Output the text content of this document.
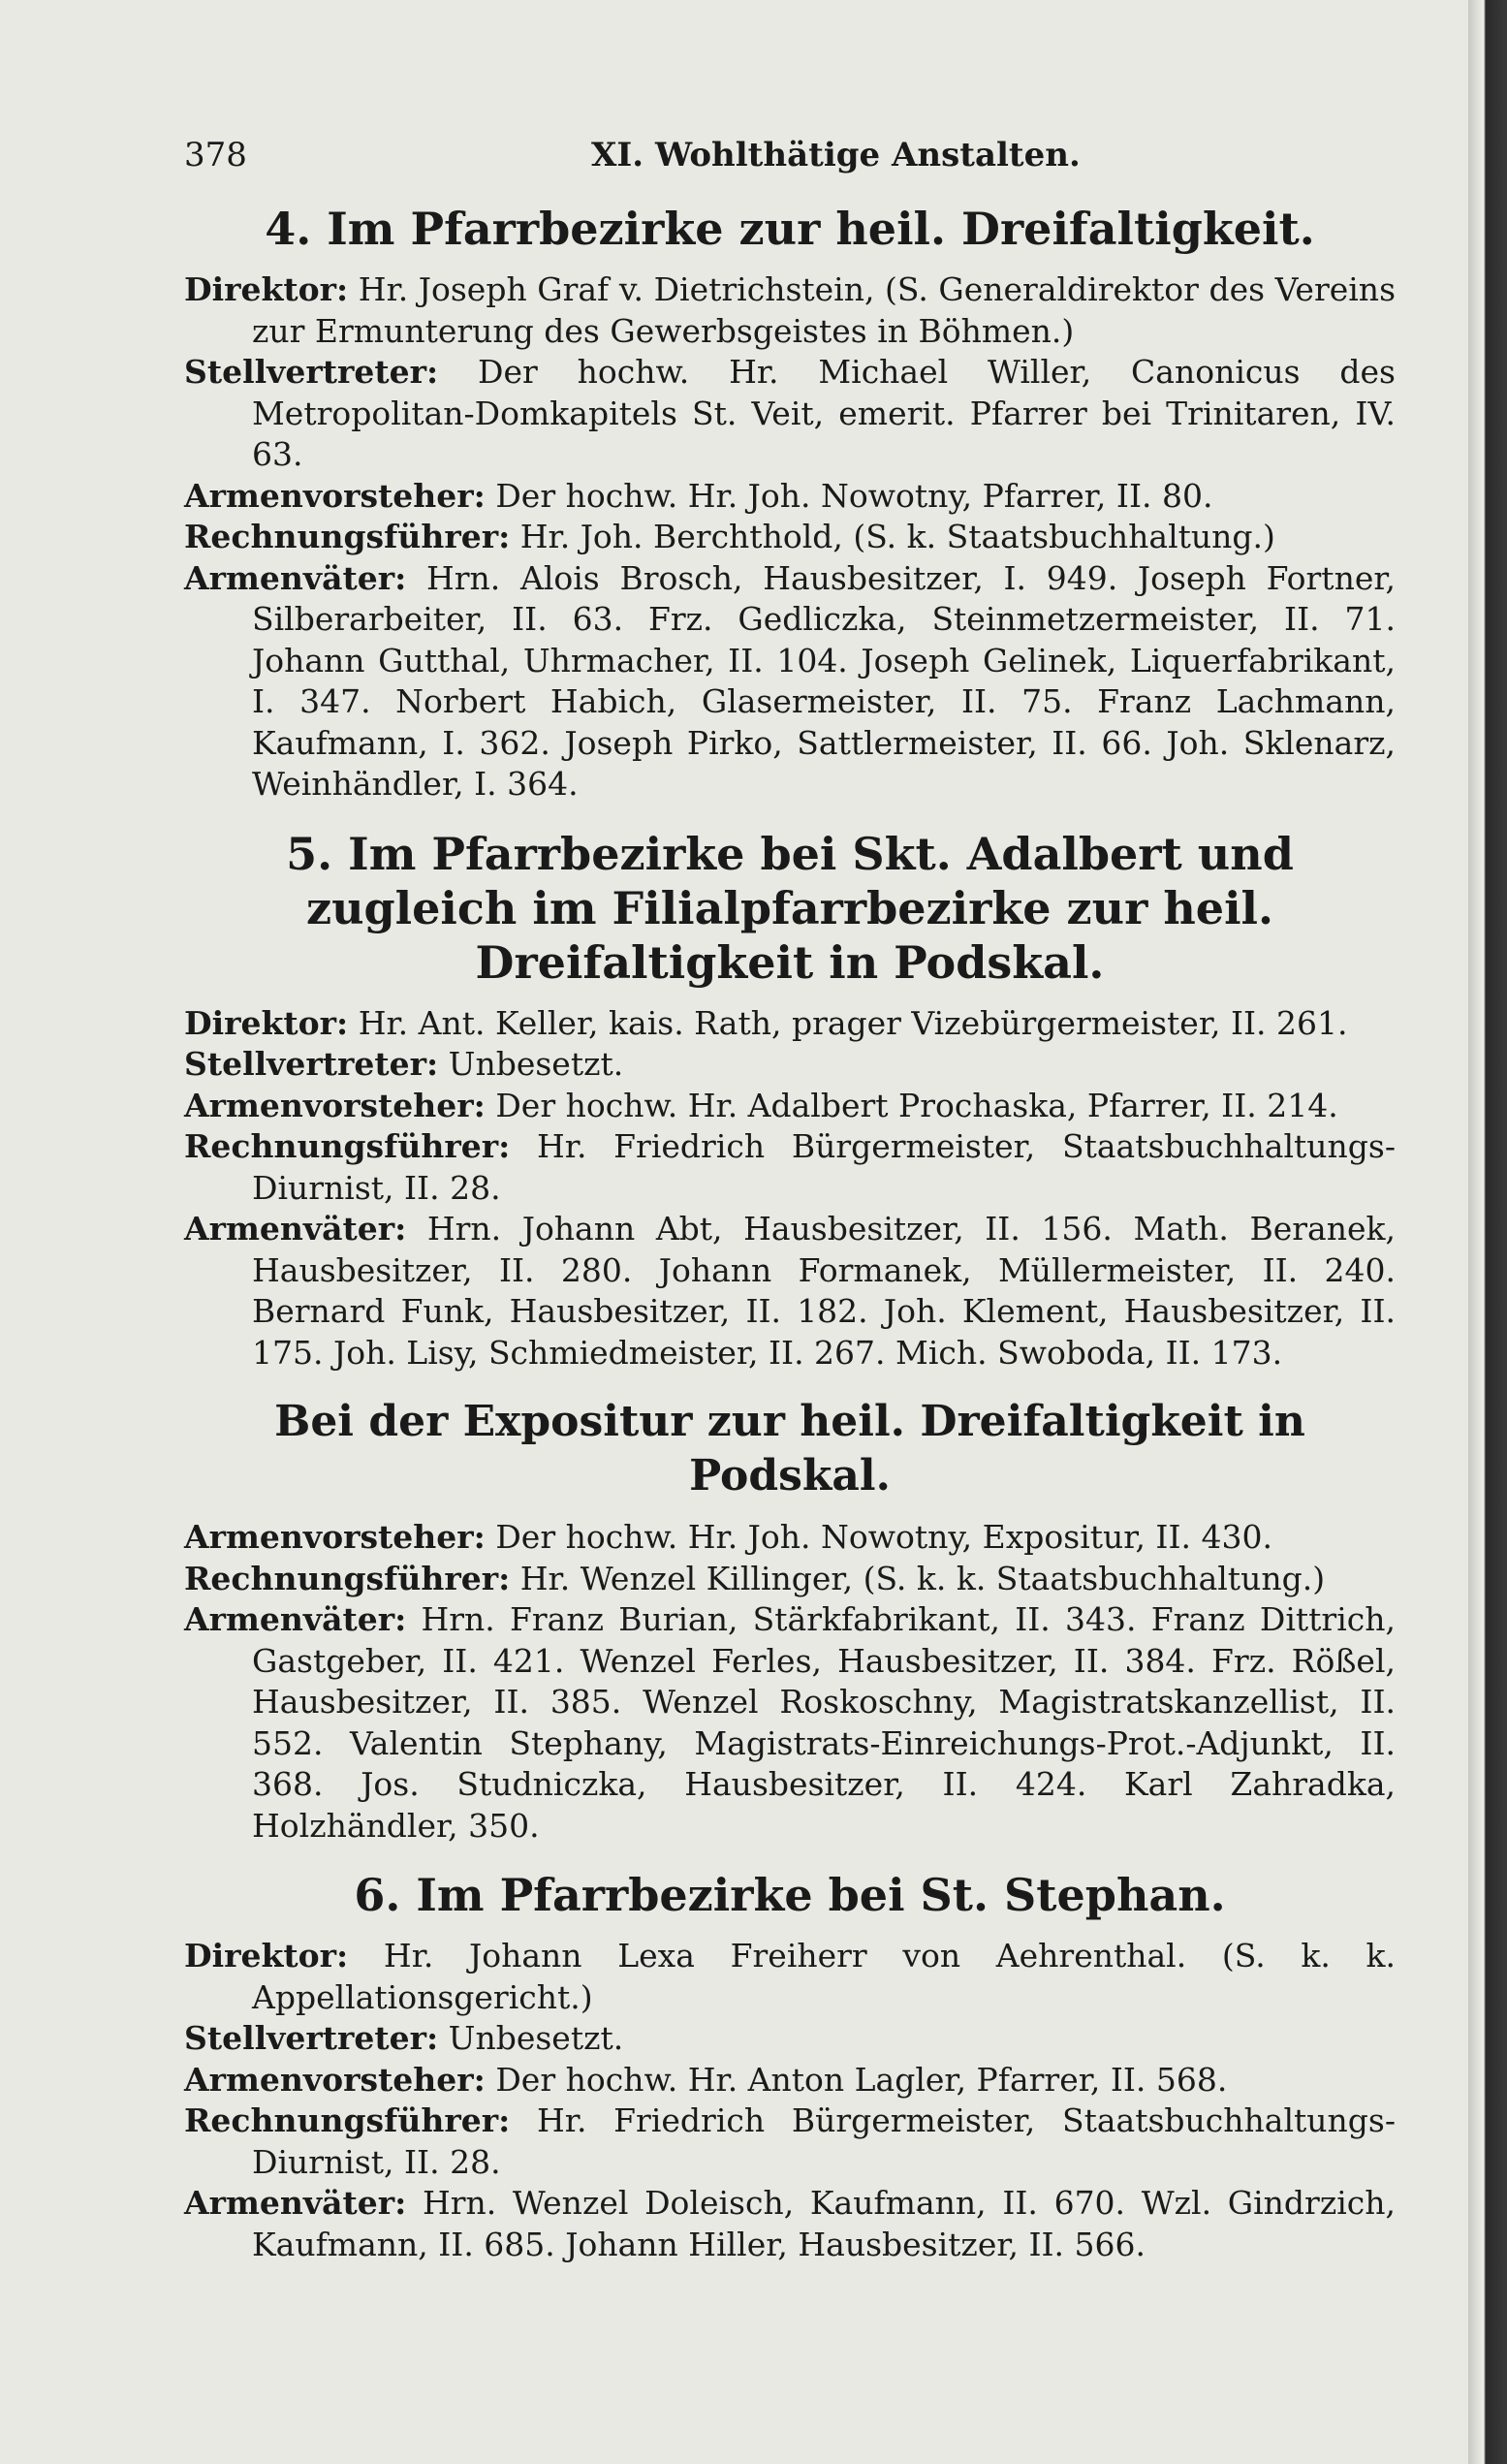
378	XI. Wohlthätige Anstalten.
4. Im Pfarrbezirke zur heil. Dreifaltigkeit.

Direktor: Hr. Joseph Graf v. Dietrichstein, (S. Generaldirektor des Vereins zur Ermunterung des Gewerbsgeistes in Böhmen.)

Stellvertreter: Der hochw. Hr. Michael Willer, Canonicus des Metropolitan-Domkapitels St. Veit, emerit. Pfarrer bei Trinitaren, IV. 63.

Armenvorsteher: Der hochw. Hr. Joh. Nowotny, Pfarrer, II. 80.

Rechnungsführer: Hr. Joh. Berchthold, (S. k. Staatsbuchhaltung.)

Armenväter: Hrn. Alois Brosch, Hausbesitzer, I. 949. Joseph Fortner, Silberarbeiter, II. 63. Frz. Gedliczka, Steinmetzermeister, II. 71. Johann Gutthal, Uhrmacher, II. 104. Joseph Gelinek, Liquerfabrikant, I. 347. Norbert Habich, Glasermeister, II. 75. Franz Lachmann, Kaufmann, I. 362. Joseph Pirko, Sattlermeister, II. 66. Joh. Sklenarz, Weinhändler, I. 364.

5. Im Pfarrbezirke bei Skt. Adalbert und zugleich im Filialpfarrbezirke zur heil. Dreifaltigkeit in Podskal.

Direktor: Hr. Ant. Keller, kais. Rath, prager Vizebürgermeister, II. 261.

Stellvertreter: Unbesetzt.

Armenvorsteher: Der hochw. Hr. Adalbert Prochaska, Pfarrer, II. 214.

Rechnungsführer: Hr. Friedrich Bürgermeister, Staatsbuchhaltungs-Diurnist, II. 28.

Armenväter: Hrn. Johann Abt, Hausbesitzer, II. 156. Math. Beranek, Hausbesitzer, II. 280. Johann Formanek, Müllermeister, II. 240. Bernard Funk, Hausbesitzer, II. 182. Joh. Klement, Hausbesitzer, II. 175. Joh. Lisy, Schmiedmeister, II. 267. Mich. Swoboda, II. 173.

Bei der Expositur zur heil. Dreifaltigkeit in Podskal.

Armenvorsteher: Der hochw. Hr. Joh. Nowotny, Expositur, II. 430.

Rechnungsführer: Hr. Wenzel Killinger, (S. k. k. Staatsbuchhaltung.)

Armenväter: Hrn. Franz Burian, Stärkfabrikant, II. 343. Franz Dittrich, Gastgeber, II. 421. Wenzel Ferles, Hausbesitzer, II. 384. Frz. Rößel, Hausbesitzer, II. 385. Wenzel Roskoschny, Magistratskanzellist, II. 552. Valentin Stephany, Magistrats-Einreichungs-Prot.-Adjunkt, II. 368. Jos. Studniczka, Hausbesitzer, II. 424. Karl Zahradka, Holzhändler, 350.

6. Im Pfarrbezirke bei St. Stephan.

Direktor: Hr. Johann Lexa Freiherr von Aehrenthal. (S. k. k. Appellationsgericht.)

Stellvertreter: Unbesetzt.

Armenvorsteher: Der hochw. Hr. Anton Lagler, Pfarrer, II. 568.

Rechnungsführer: Hr. Friedrich Bürgermeister, Staatsbuchhaltungs-Diurnist, II. 28.

Armenväter: Hrn. Wenzel Doleisch, Kaufmann, II. 670. Wzl. Gindrzich, Kaufmann, II. 685. Johann Hiller, Hausbesitzer, II. 566.
